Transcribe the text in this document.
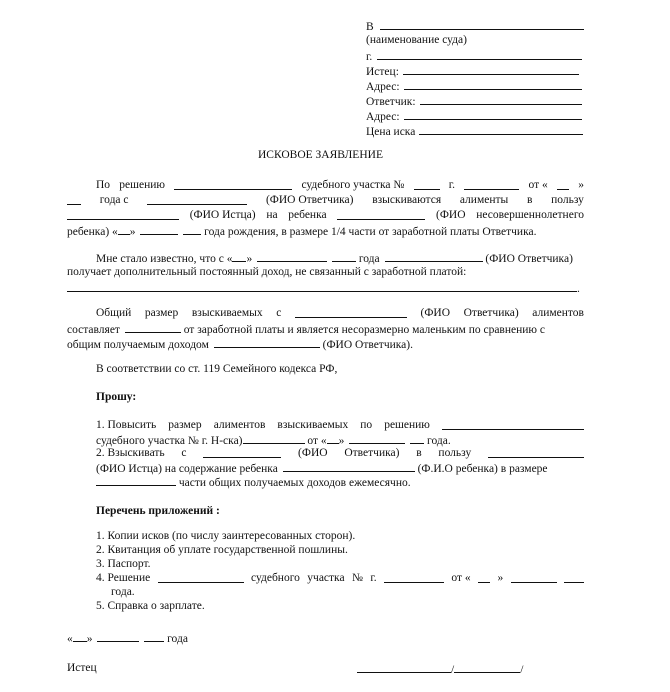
В
(наименование суда)
г.
Истец:
Адрес:
Ответчик:
Адрес:
Цена иска
ИСКОВОЕ ЗАЯВЛЕНИЕ
По решению	судебного участка №	г.	от «	»
года с	(ФИО Ответчика) взыскиваются алименты в пользу
(ФИО Истца) на ребенка	(ФИО несовершеннолетнего
ребенка) « »	года рождения, в размере 1/4 части от заработной платы Ответчика.
Мне стало известно, что с « »	года	(ФИО Ответчика)
получает дополнительный постоянный доход, не связанный с заработной платой:
.
Общий размер взыскиваемых с	(ФИО Ответчика) алиментов
составляет	от заработной платы и является несоразмерно маленьким по сравнению с
общим получаемым доходом	(ФИО Ответчика).
В соответствии со ст. 119 Семейного кодекса РФ,
Прошу:
1. Повысить размер алиментов взыскиваемых по решению
судебного участка № г. Н-ска)	от « »	года.
2. Взыскивать с	(ФИО Ответчика) в пользу
(ФИО Истца) на содержание ребенка	(Ф.И.О ребенка) в размере
части общих получаемых доходов ежемесячно.
Перечень приложений :
1. Копии исков (по числу заинтересованных сторон).
2. Квитанция об уплате государственной пошлины.
3. Паспорт.
4. Решение	судебного участка № г.	от « »
года.
5. Справка о зарплате.
« »	года
Истец	/	/
